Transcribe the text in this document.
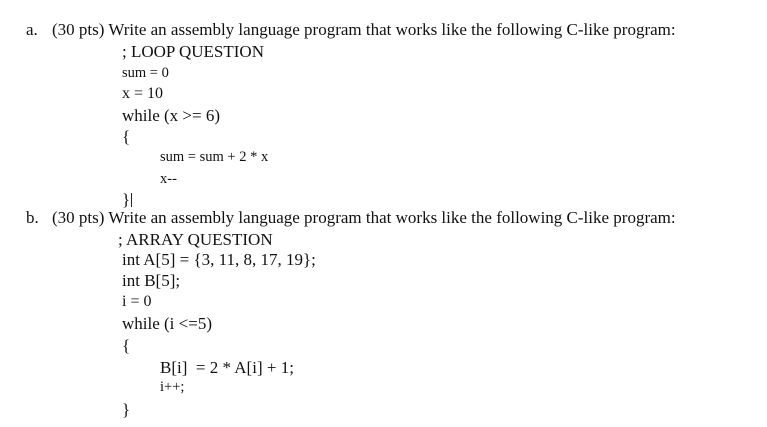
a. (30 pts) Write an assembly language program that works like the following C-like program:
; LOOP QUESTION
sum = 0
x = 10
while (x >= 6)
{
sum = sum + 2 * x
x--
}
b. (30 pts) Write an assembly language program that works like the following C-like program:
; ARRAY QUESTION
int A[5] = {3, 11, 8, 17, 19};
int B[5];
i = 0
while (i <=5)
{
B[i]  = 2 * A[i] + 1;
i++;
}
